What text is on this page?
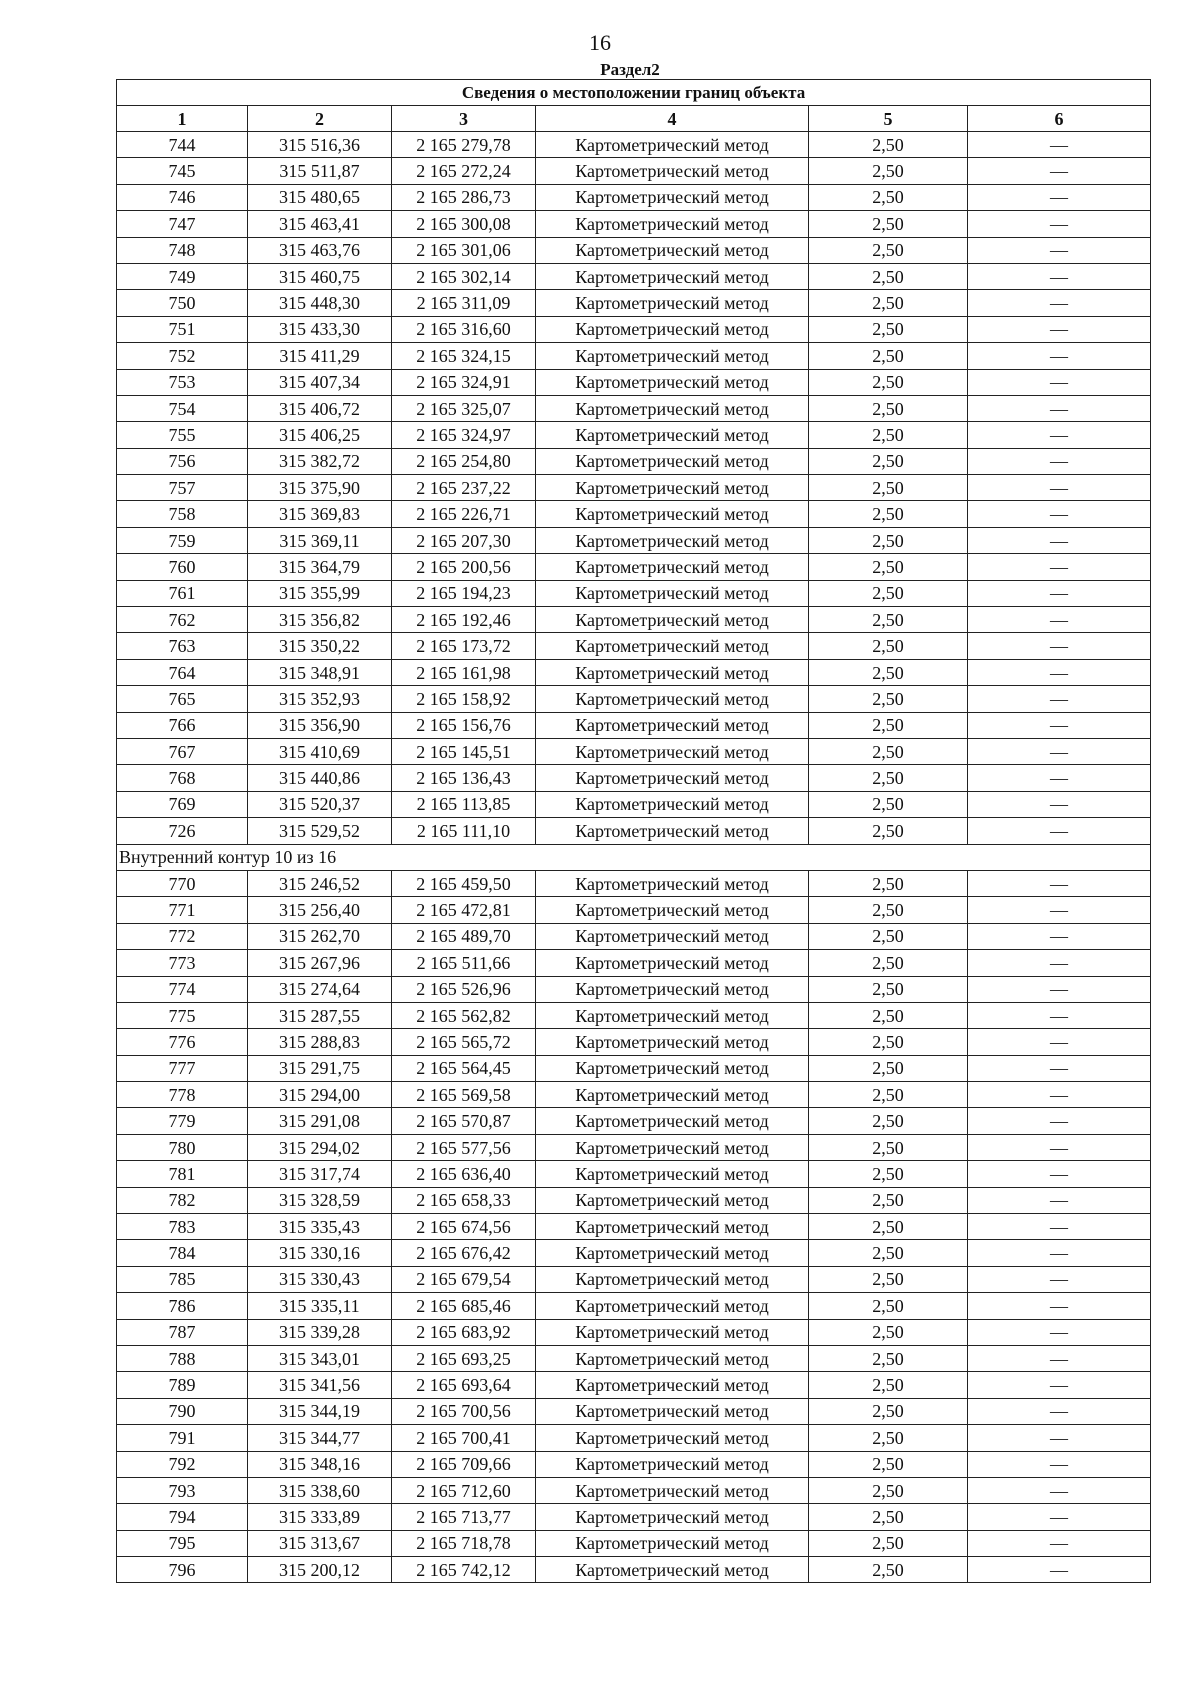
16
Раздел2
Сведения о местоположении границ объекта					
1	2	3	4	5	6
744	315 516,36	2 165 279,78	Картометрический метод	2,50	—
745	315 511,87	2 165 272,24	Картометрический метод	2,50	—
746	315 480,65	2 165 286,73	Картометрический метод	2,50	—
747	315 463,41	2 165 300,08	Картометрический метод	2,50	—
748	315 463,76	2 165 301,06	Картометрический метод	2,50	—
749	315 460,75	2 165 302,14	Картометрический метод	2,50	—
750	315 448,30	2 165 311,09	Картометрический метод	2,50	—
751	315 433,30	2 165 316,60	Картометрический метод	2,50	—
752	315 411,29	2 165 324,15	Картометрический метод	2,50	—
753	315 407,34	2 165 324,91	Картометрический метод	2,50	—
754	315 406,72	2 165 325,07	Картометрический метод	2,50	—
755	315 406,25	2 165 324,97	Картометрический метод	2,50	—
756	315 382,72	2 165 254,80	Картометрический метод	2,50	—
757	315 375,90	2 165 237,22	Картометрический метод	2,50	—
758	315 369,83	2 165 226,71	Картометрический метод	2,50	—
759	315 369,11	2 165 207,30	Картометрический метод	2,50	—
760	315 364,79	2 165 200,56	Картометрический метод	2,50	—
761	315 355,99	2 165 194,23	Картометрический метод	2,50	—
762	315 356,82	2 165 192,46	Картометрический метод	2,50	—
763	315 350,22	2 165 173,72	Картометрический метод	2,50	—
764	315 348,91	2 165 161,98	Картометрический метод	2,50	—
765	315 352,93	2 165 158,92	Картометрический метод	2,50	—
766	315 356,90	2 165 156,76	Картометрический метод	2,50	—
767	315 410,69	2 165 145,51	Картометрический метод	2,50	—
768	315 440,86	2 165 136,43	Картометрический метод	2,50	—
769	315 520,37	2 165 113,85	Картометрический метод	2,50	—
726	315 529,52	2 165 111,10	Картометрический метод	2,50	—
Внутренний контур 10 из 16					
770	315 246,52	2 165 459,50	Картометрический метод	2,50	—
771	315 256,40	2 165 472,81	Картометрический метод	2,50	—
772	315 262,70	2 165 489,70	Картометрический метод	2,50	—
773	315 267,96	2 165 511,66	Картометрический метод	2,50	—
774	315 274,64	2 165 526,96	Картометрический метод	2,50	—
775	315 287,55	2 165 562,82	Картометрический метод	2,50	—
776	315 288,83	2 165 565,72	Картометрический метод	2,50	—
777	315 291,75	2 165 564,45	Картометрический метод	2,50	—
778	315 294,00	2 165 569,58	Картометрический метод	2,50	—
779	315 291,08	2 165 570,87	Картометрический метод	2,50	—
780	315 294,02	2 165 577,56	Картометрический метод	2,50	—
781	315 317,74	2 165 636,40	Картометрический метод	2,50	—
782	315 328,59	2 165 658,33	Картометрический метод	2,50	—
783	315 335,43	2 165 674,56	Картометрический метод	2,50	—
784	315 330,16	2 165 676,42	Картометрический метод	2,50	—
785	315 330,43	2 165 679,54	Картометрический метод	2,50	—
786	315 335,11	2 165 685,46	Картометрический метод	2,50	—
787	315 339,28	2 165 683,92	Картометрический метод	2,50	—
788	315 343,01	2 165 693,25	Картометрический метод	2,50	—
789	315 341,56	2 165 693,64	Картометрический метод	2,50	—
790	315 344,19	2 165 700,56	Картометрический метод	2,50	—
791	315 344,77	2 165 700,41	Картометрический метод	2,50	—
792	315 348,16	2 165 709,66	Картометрический метод	2,50	—
793	315 338,60	2 165 712,60	Картометрический метод	2,50	—
794	315 333,89	2 165 713,77	Картометрический метод	2,50	—
795	315 313,67	2 165 718,78	Картометрический метод	2,50	—
796	315 200,12	2 165 742,12	Картометрический метод	2,50	—
